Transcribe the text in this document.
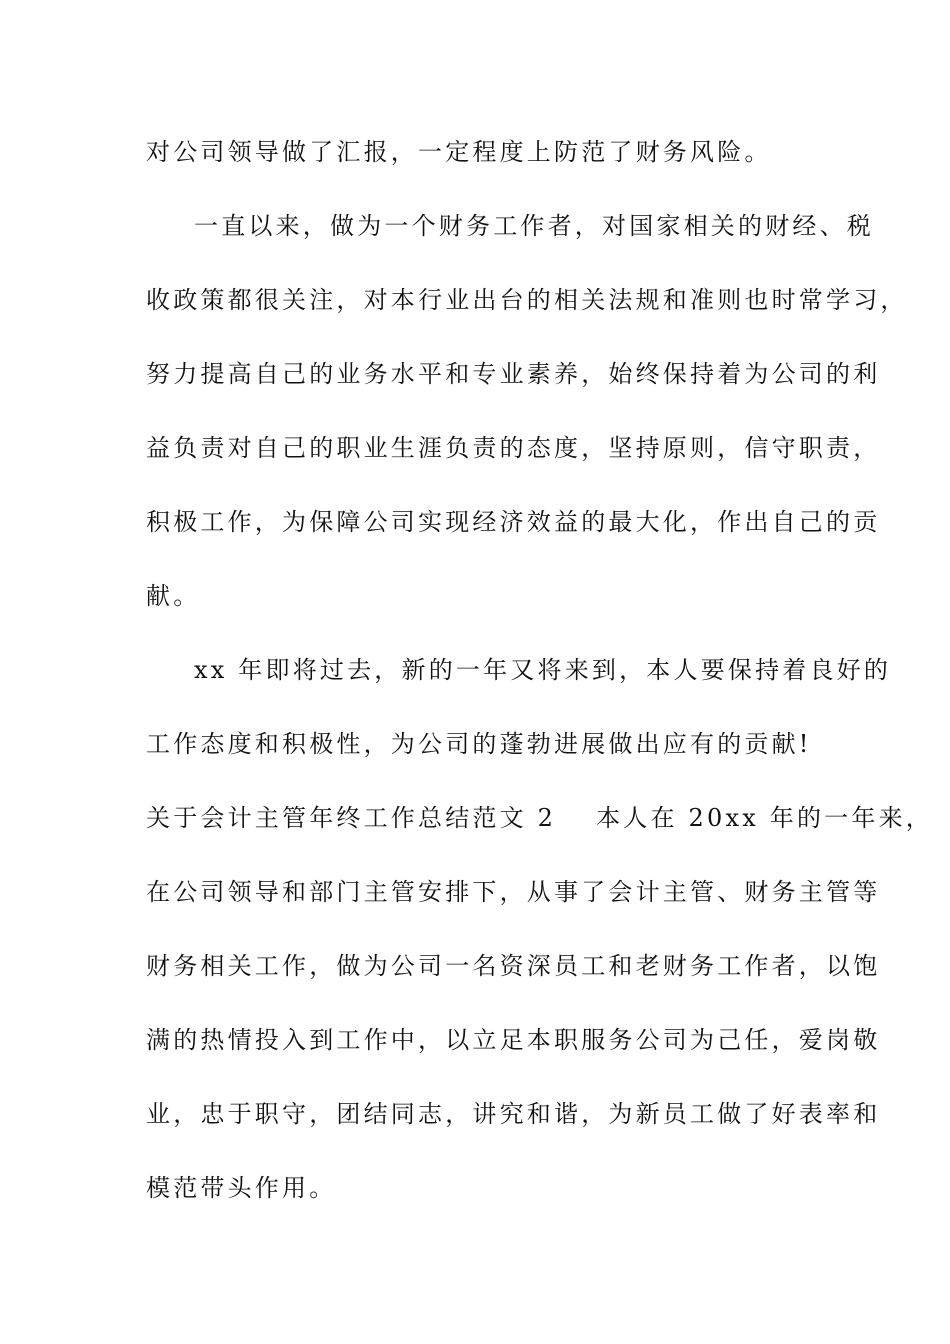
对公司领导做了汇报，一定程度上防范了财务风险。
一直以来，做为一个财务工作者，对国家相关的财经、税
收政策都很关注，对本行业出台的相关法规和准则也时常学习，
努力提高自己的业务水平和专业素养，始终保持着为公司的利
益负责对自己的职业生涯负责的态度，坚持原则，信守职责，
积极工作，为保障公司实现经济效益的最大化，作出自己的贡
献。
xx 年即将过去，新的一年又将来到，本人要保持着良好的
工作态度和积极性，为公司的蓬勃进展做出应有的贡献!
关于会计主管年终工作总结范文 2 本人在 20xx 年的一年来，
在公司领导和部门主管安排下，从事了会计主管、财务主管等
财务相关工作，做为公司一名资深员工和老财务工作者，以饱
满的热情投入到工作中，以立足本职服务公司为己任，爱岗敬
业，忠于职守，团结同志，讲究和谐，为新员工做了好表率和
模范带头作用。
